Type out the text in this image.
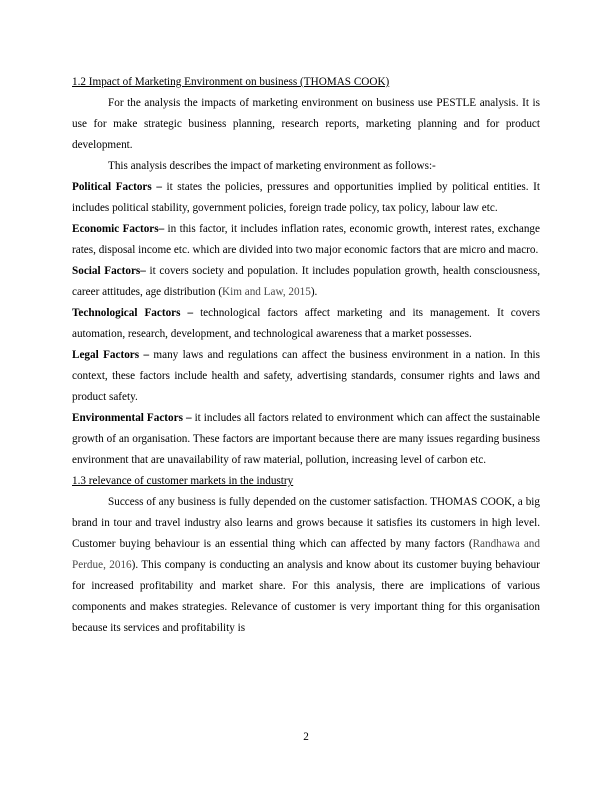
1.2 Impact of Marketing Environment on business (THOMAS COOK)

For the analysis the impacts of marketing environment on business use PESTLE analysis. It is use for make strategic business planning, research reports, marketing planning and for product development.

This analysis describes the impact of marketing environment as follows:-

Political Factors – it states the policies, pressures and opportunities implied by political entities. It includes political stability, government policies, foreign trade policy, tax policy, labour law etc.

Economic Factors– in this factor, it includes inflation rates, economic growth, interest rates, exchange rates, disposal income etc. which are divided into two major economic factors that are micro and macro.

Social Factors– it covers society and population. It includes population growth, health consciousness, career attitudes, age distribution (Kim and Law, 2015).

Technological Factors – technological factors affect marketing and its management. It covers automation, research, development, and technological awareness that a market possesses.

Legal Factors – many laws and regulations can affect the business environment in a nation. In this context, these factors include health and safety, advertising standards, consumer rights and laws and product safety.

Environmental Factors – it includes all factors related to environment which can affect the sustainable growth of an organisation. These factors are important because there are many issues regarding business environment that are unavailability of raw material, pollution, increasing level of carbon etc.

1.3 relevance of customer markets in the industry

Success of any business is fully depended on the customer satisfaction. THOMAS COOK, a big brand in tour and travel industry also learns and grows because it satisfies its customers in high level. Customer buying behaviour is an essential thing which can affected by many factors (Randhawa and Perdue, 2016). This company is conducting an analysis and know about its customer buying behaviour for increased profitability and market share. For this analysis, there are implications of various components and makes strategies. Relevance of customer is very important thing for this organisation because its services and profitability is

2
